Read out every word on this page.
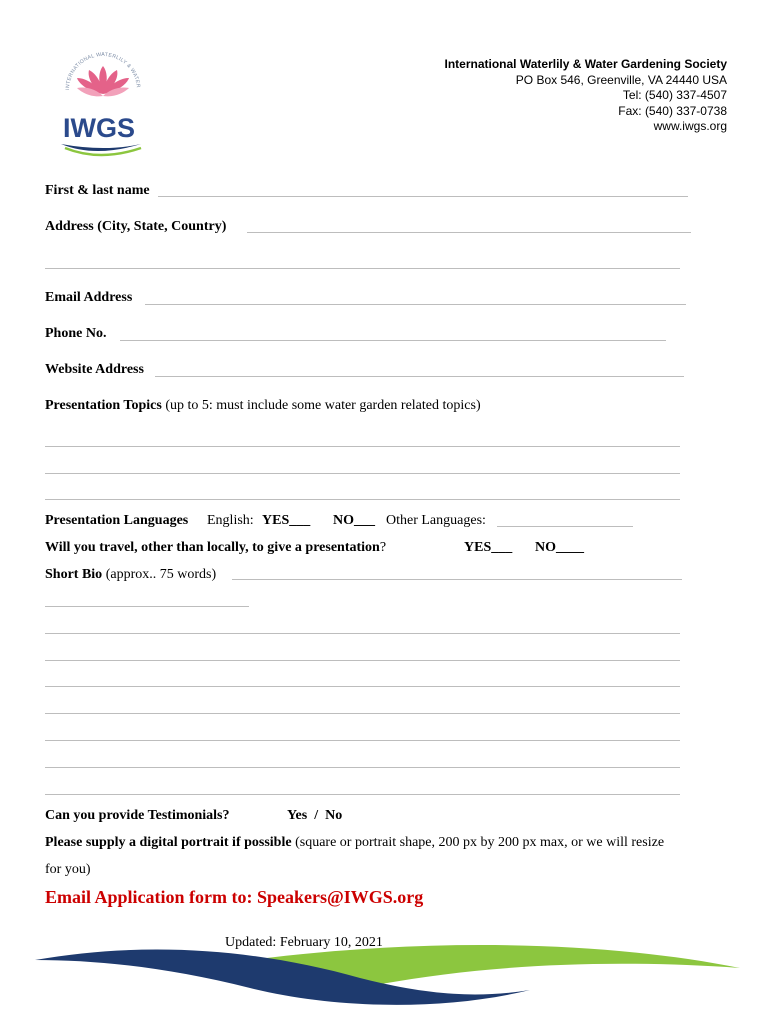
INTERNATIONAL WATERLILY & WATER
IWGS
International Waterlily & Water Gardening Society
PO Box 546, Greenville, VA 24440 USA
Tel: (540) 337-4507
Fax: (540) 337-0738
www.iwgs.org
First & last name
Address (City, State, Country)
Email Address
Phone No.
Website Address
Presentation Topics (up to 5: must include some water garden related topics)
Presentation Languages English: YES___ NO___ Other Languages:
Will you travel, other than locally, to give a presentation?	YES___ NO____
Short Bio (approx.. 75 words)
Can you provide Testimonials?	Yes  /  No
Please supply a digital portrait if possible (square or portrait shape, 200 px by 200 px max, or we will resize
for you)
Email Application form to: Speakers@IWGS.org
Updated: February 10, 2021
